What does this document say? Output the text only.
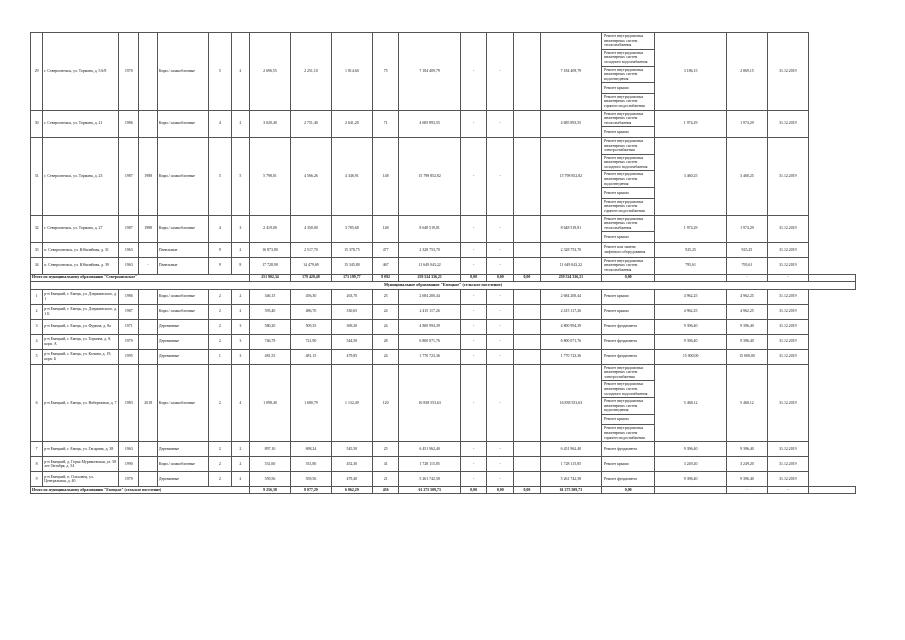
29	г. Североонежск, ул. Тормана, д. 5А/8	1970		Кирп./ шлакоблочные	5	2	2 696,55	2 251,10	1 814,60	75	7 184 409,79	-	-		7 184 409,79	Ремонт внутридомовых инженерных систем теплоснабжения	3 186,15	2 869,15	31.12.2019	
																Ремонт внутридомовых инженерных систем холодного водоснабжения				
																Ремонт внутридомовых инженерных систем водоотведения				
																Ремонт крыши				
																Ремонт внутридомовых инженерных систем горячего водоснабжения				
30	г. Североонежск, ул. Тормана, д. 21	1986		Кирп./ шлакоблочные	4	2	3 020,40	2 751,40	2 641,20	71	4 685 893,55	-	-		4 685 893,55	Ремонт внутридомовых инженерных систем теплоснабжения	1 974,29	1 974,29	31.12.2019	
																Ремонт крыши				
31	г. Североонежск, ул. Тормана, д. 23	1987	1988	Кирп./ шлакоблочные	5	5	5 798,01	4 566,26	4 346,91	148	15 798 852,82	-	-		15 798 852,82	Ремонт внутридомовых инженерных систем электроснабжения	3 460,25	3 460,25	31.12.2019	
																Ремонт внутридомовых инженерных систем холодного водоснабжения				
																Ремонт внутридомовых инженерных систем водоотведения				
																Ремонт крыши				
																Ремонт внутридомовых инженерных систем горячего водоснабжения				
32	г. Североонежск, ул. Тормана, д. 27	1987	1988	Кирп./ шлакоблочные	4	3	2 419,00	4 350,00	3 785,68	148	8 648 519,81	-	-		8 648 519,81	Ремонт внутридомовых инженерных систем теплоснабжения	1 974,29	1 974,29	31.12.2019	
																Ремонт крыши				
33	п. Североонежск, ул. Юбилейная, д. 31	1963		Панельные	9	2	16 873,80	2 517,70	15 378,75	477	2 328 753,70	-	-		2 328 753,70	Ремонт или замена лифтового оборудования	925,25	925,25	31.12.2019	
34	п. Североонежск, ул. Юбилейная, д. 39	1963	-	Панельные	9	8	17 728,90	14 479,69	15 345,80	467	11 649 043,22	-	-		11 649 043,22	Ремонт внутридомовых инженерных систем теплоснабжения	795,61	795,61	31.12.2019	
Итого по муниципальному образованию "Североонежское"							251 902,34	179 420,48	173 199,77	8 092	259 524 336,21	0,00	0,00	0,00	259 524 336,21	0,00		-	-	
Муниципальное образование "Емецкое" (сельское поселение)																				
1	р-н Емецкий, г. Емецк, ул. Дзержинского, д. 1	1986		Кирп./ шлакоблочные	2	2	346,15	456,30	263,70	25	2 684 200,44	-	-		2 684 200,44	Ремонт крыши	4 962,25	4 962,25	31.12.2019	
2	р-н Емецкий, г. Емецк, ул. Дзержинского, д. 1 Б	1987		Кирп./ шлакоблочные	2	2	593,40	486,70	330,65	24	2 415 117,26	-	-		2 415 117,26	Ремонт крыши	4 962,25	4 962,25	31.12.2019	
3	р-н Емецкий, г. Емецк, ул. Фурина, д. 8а	1971		Деревянные	2	3	580,20	509,35	369,20	24	4 800 994,39	-	-		4 800 994,39	Ремонт фундамента	9 396,40	9 396,40	31.12.2019	
4	р-н Емецкий, г. Емецк, ул. Тормана, д. 8, корп. А	1979		Деревянные	2	3	746,79	721,90	544,50	28	6 800 071,76	-	-		6 800 071,76	Ремонт фундамента	9 396,40	9 396,40	31.12.2019	
5	р-н Емецкий, г. Емецк, ул. Кочина, д. 19, корп. Б	1995		Деревянные	1	3	481,55	481,15	479,85	24	1 770 723,36	-	-		1 770 723,36	Ремонт фундамента	15 000,00	15 000,00	31.12.2019	
6	р-н Емецкий, г. Емецк, ул. Набережная, д. 7	1983	2018	Кирп./ шлакоблочные	2	4	1 098,40	1 680,79	1 132,49	120	16 838 553,63	-	-		16 838 553,63	Ремонт внутридомовых инженерных систем электроснабжения	5 468,12	5 468,12	31.12.2019	
																Ремонт внутридомовых инженерных систем холодного водоснабжения				
																Ремонт внутридомовых инженерных систем водоотведения				
																Ремонт крыши				
																Ремонт внутридомовых инженерных систем горячего водоснабжения				
7	р-н Емецкий, г. Емецк, ул. Гагарина, д. 38	1963		Деревянные	2	2	897,10	698,24	545,50	25	6 451 962,40	-	-		6 451 962,40	Ремонт фундамента	9 396,40	9 396,40	31.12.2019	
8	р-н Емецкий, д. Горка Муравьевская, ул. 50 лет Октября, д. 54	1990		Кирп./ шлакоблочные	2	2	531,60	531,80	452,30	41	1 728 115,85	-	-		1 728 115,85	Ремонт крыши	3 249,20	3 249,20	31.12.2019	
9	р-н Емецкий, п. Ольховец, ул. Центральная, д. 40	1979		Деревянные	2	2	559,56	559,56	479,40	21	5 261 742,58	-	-		5 261 742,58	Ремонт фундамента	9 396,40	9 396,40	31.12.2019	
Итого по муниципальному образованию "Емецкое" (сельское поселение)							9 256,38	8 077,29	6 062,29	456	61 275 509,73	0,00	0,00	0,00	61 275 509,73	0,00		-	-	
